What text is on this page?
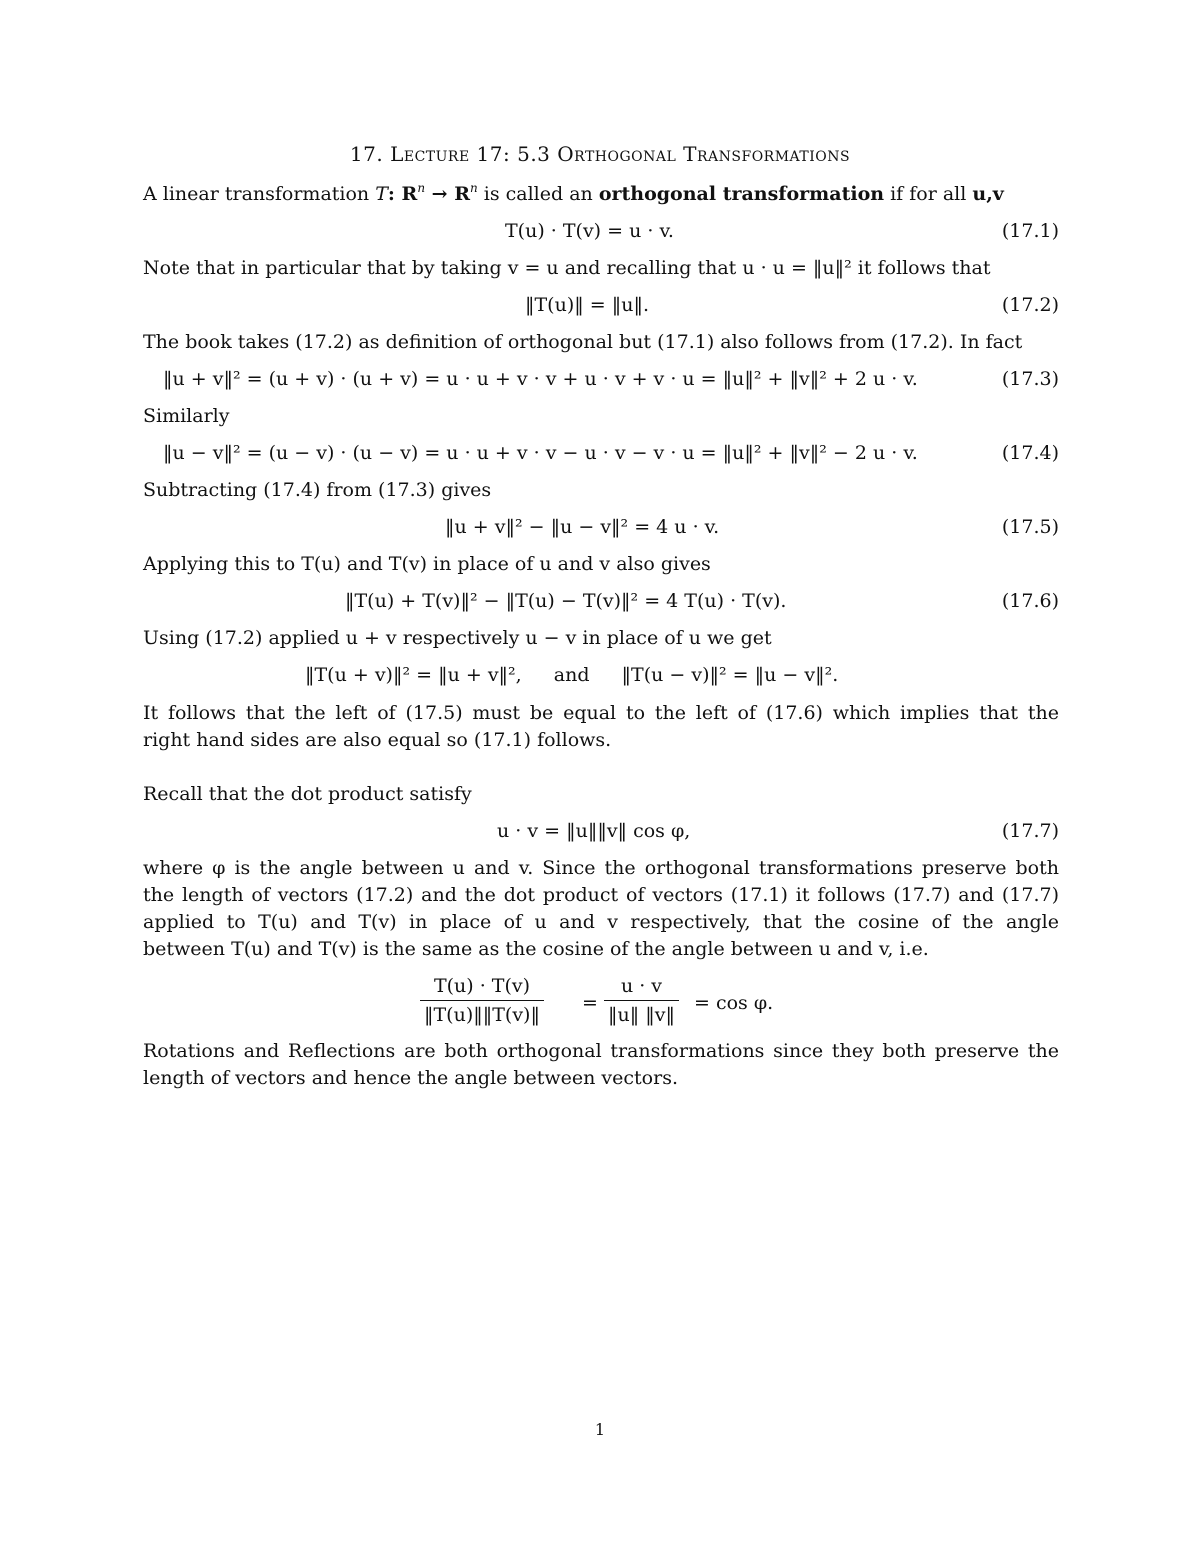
17. Lecture 17: 5.3 Orthogonal Transformations
A linear transformation T: $R^n \to R^n$ is called an orthogonal transformation if for all u,v
T(u) · T(v) = u · v.	(17.1)
Note that in particular that by taking v = u and recalling that u · u = ‖u‖² it follows that
‖T(u)‖ = ‖u‖.	(17.2)
The book takes (17.2) as definition of orthogonal but (17.1) also follows from (17.2). In fact
‖u + v‖² = (u + v) · (u + v) = u · u + v · v + u · v + v · u = ‖u‖² + ‖v‖² + 2 u · v.	(17.3)
Similarly
‖u − v‖² = (u − v) · (u − v) = u · u + v · v − u · v − v · u = ‖u‖² + ‖v‖² − 2 u · v.	(17.4)
Subtracting (17.4) from (17.3) gives
‖u + v‖² − ‖u − v‖² = 4 u · v.	(17.5)
Applying this to T(u) and T(v) in place of u and v also gives
‖T(u) + T(v)‖² − ‖T(u) − T(v)‖² = 4 T(u) · T(v).	(17.6)
Using (17.2) applied u + v respectively u − v in place of u we get
‖T(u + v)‖² = ‖u + v‖², and ‖T(u − v)‖² = ‖u − v‖².
It follows that the left of (17.5) must be equal to the left of (17.6) which implies that the
right hand sides are also equal so (17.1) follows.
Recall that the dot product satisfy
u · v = ‖u‖‖v‖ cos φ,	(17.7)
where φ is the angle between u and v. Since the orthogonal transformations preserve both
the length of vectors (17.2) and the dot product of vectors (17.1) it follows (17.7) and (17.7)
applied to T(u) and T(v) in place of u and v respectively, that the cosine of the angle
between T(u) and T(v) is the same as the cosine of the angle between u and v, i.e.
T(u) · T(v)
‖T(u)‖‖T(v)‖
=
u · v
‖u‖ ‖v‖
= cos φ.
Rotations and Reflections are both orthogonal transformations since they both preserve the
length of vectors and hence the angle between vectors.
1
